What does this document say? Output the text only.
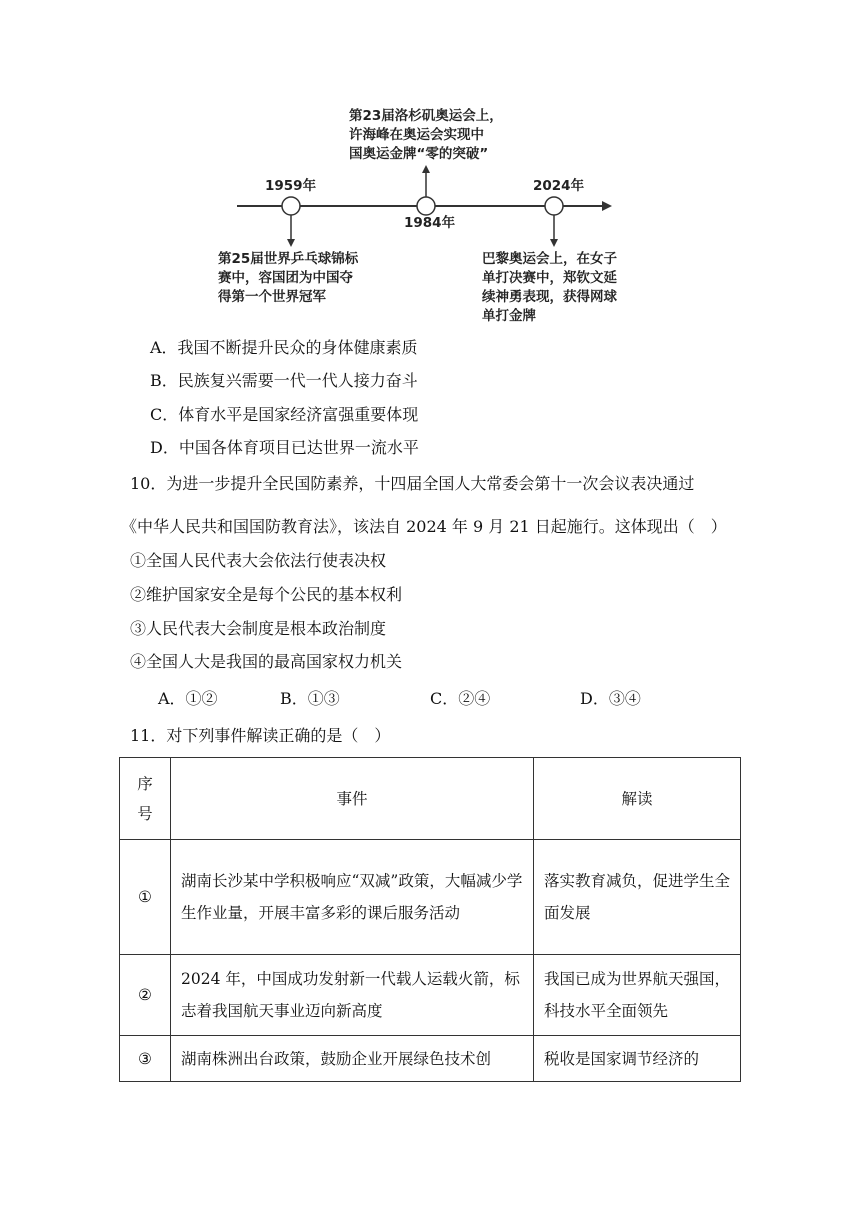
1959年
1984年
2024年
第25届世界乒乓球锦标
赛中，容国团为中国夺
得第一个世界冠军
第23届洛杉矶奥运会上，
许海峰在奥运会实现中
国奥运金牌“零的突破”
巴黎奥运会上，在女子
单打决赛中，郑钦文延
续神勇表现，获得网球
单打金牌
A．我国不断提升民众的身体健康素质
B．民族复兴需要一代一代人接力奋斗
C．体育水平是国家经济富强重要体现
D．中国各体育项目已达世界一流水平
10．为进一步提升全民国防素养，十四届全国人大常委会第十一次会议表决通过
《中华人民共和国国防教育法》，该法自 2024 年 9 月 21 日起施行。这体现出（　）
①全国人民代表大会依法行使表决权
②维护国家安全是每个公民的基本权利
③人民代表大会制度是根本政治制度
④全国人大是我国的最高国家权力机关
A．①②	B．①③	C．②④	D．③④
11．对下列事件解读正确的是（　）
序
号	事件	解读
①	湖南长沙某中学积极响应“双减”政策，大幅减少学生作业量，开展丰富多彩的课后服务活动	落实教育减负，促进学生全面发展
②	2024 年，中国成功发射新一代载人运载火箭，标志着我国航天事业迈向新高度	我国已成为世界航天强国，科技水平全面领先
③	湖南株洲出台政策，鼓励企业开展绿色技术创	税收是国家调节经济的
